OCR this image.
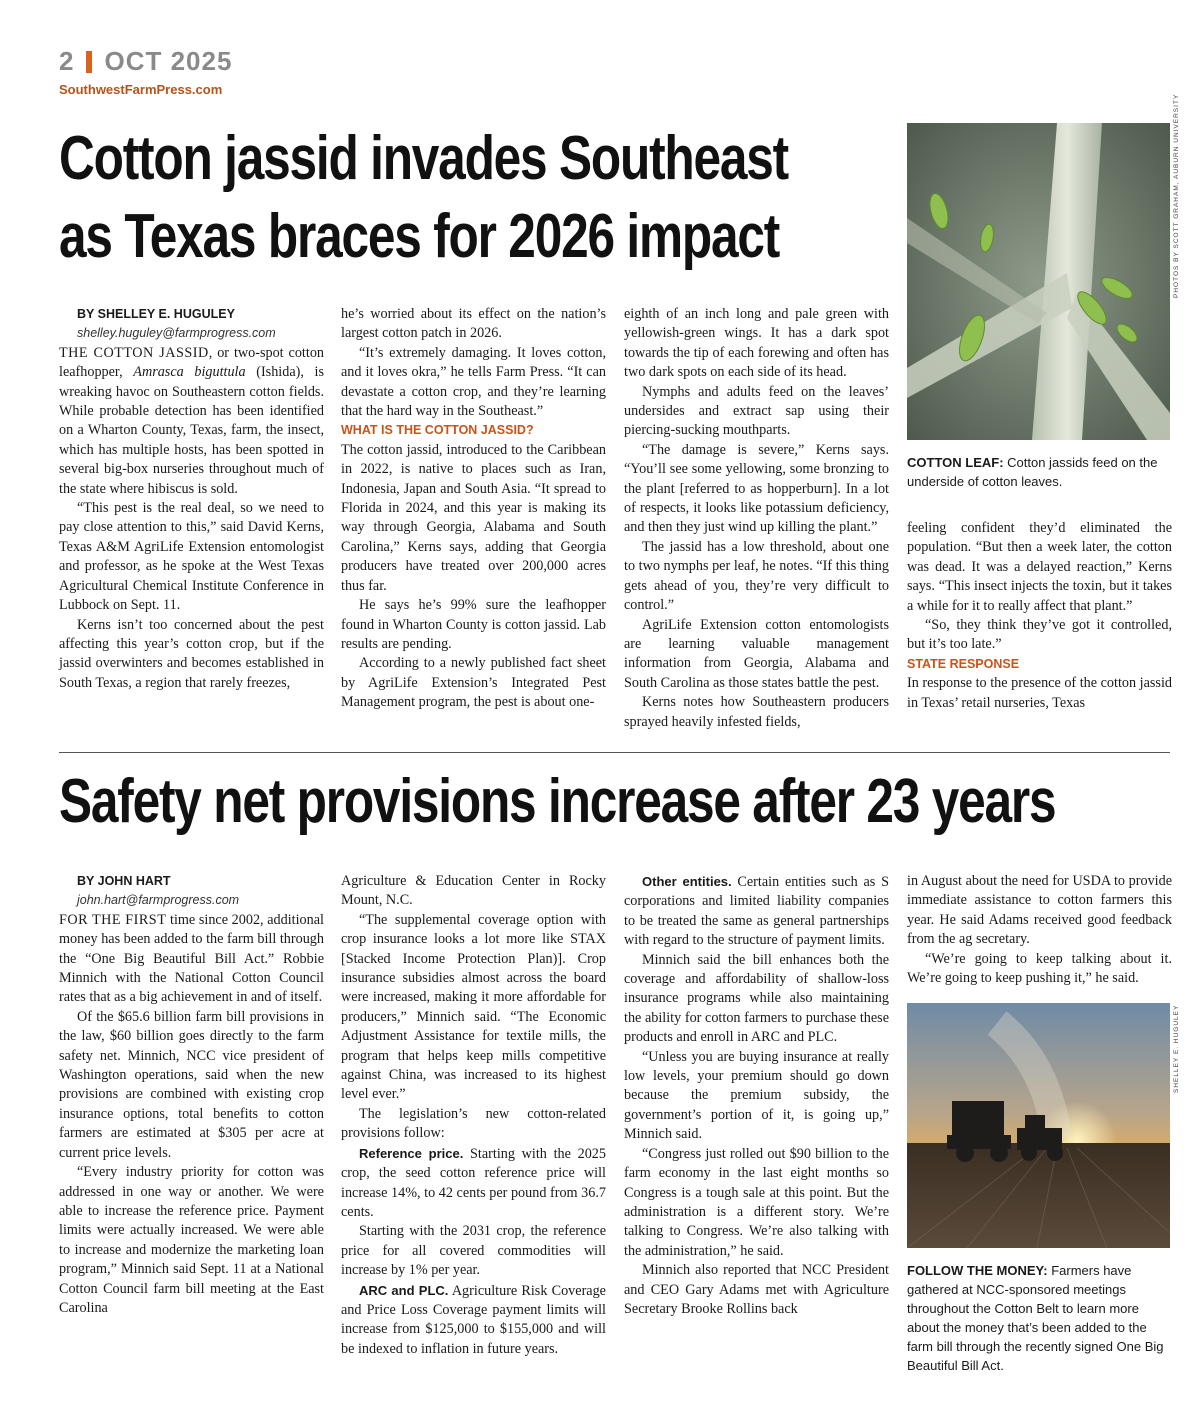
2 OCT 2025
SouthwestFarmPress.com
Cotton jassid invades Southeast
as Texas braces for 2026 impact	PHOTOS BY SCOTT GRAHAM, AUBURN UNIVERSITY
COTTON LEAF: Cotton jassids feed on the underside of cotton leaves.

BY SHELLEY E. HUGULEY

shelley.huguley@farmprogress.com

THE COTTON JASSID, or two-spot cotton leafhopper, Amrasca biguttula (Ishida), is wreaking havoc on Southeastern cotton fields. While probable detection has been identified on a Wharton County, Texas, farm, the insect, which has multiple hosts, has been spotted in several big-box nurseries throughout much of the state where hibiscus is sold.

“This pest is the real deal, so we need to pay close attention to this,” said David Kerns, Texas A&M AgriLife Extension entomologist and professor, as he spoke at the West Texas Agricultural Chemical Institute Conference in Lubbock on Sept. 11.

Kerns isn’t too concerned about the pest affecting this year’s cotton crop, but if the jassid overwinters and becomes established in South Texas, a region that rarely freezes,

he’s worried about its effect on the nation’s largest cotton patch in 2026.

“It’s extremely damaging. It loves cotton, and it loves okra,” he tells Farm Press. “It can devastate a cotton crop, and they’re learning that the hard way in the Southeast.”

WHAT IS THE COTTON JASSID?

The cotton jassid, introduced to the Caribbean in 2022, is native to places such as Iran, Indonesia, Japan and South Asia. “It spread to Florida in 2024, and this year is making its way through Georgia, Alabama and South Carolina,” Kerns says, adding that Georgia producers have treated over 200,000 acres thus far.

He says he’s 99% sure the leafhopper found in Wharton County is cotton jassid. Lab results are pending.

According to a newly published fact sheet by AgriLife Extension’s Integrated Pest Management program, the pest is about one-

eighth of an inch long and pale green with yellowish-green wings. It has a dark spot towards the tip of each forewing and often has two dark spots on each side of its head.

Nymphs and adults feed on the leaves’ undersides and extract sap using their piercing-sucking mouthparts.

“The damage is severe,” Kerns says. “You’ll see some yellowing, some bronzing to the plant [referred to as hopperburn]. In a lot of respects, it looks like potassium deficiency, and then they just wind up killing the plant.”

The jassid has a low threshold, about one to two nymphs per leaf, he notes. “If this thing gets ahead of you, they’re very difficult to control.”

AgriLife Extension cotton entomologists are learning valuable management information from Georgia, Alabama and South Carolina as those states battle the pest.

Kerns notes how Southeastern producers sprayed heavily infested fields,

feeling confident they’d eliminated the population. “But then a week later, the cotton was dead. It was a delayed reaction,” Kerns says. “This insect injects the toxin, but it takes a while for it to really affect that plant.”

“So, they think they’ve got it controlled, but it’s too late.”

STATE RESPONSE

In response to the presence of the cotton jassid in Texas’ retail nurseries, Texas

Safety net provisions increase after 23 years

BY JOHN HART

john.hart@farmprogress.com

FOR THE FIRST time since 2002, additional money has been added to the farm bill through the “One Big Beautiful Bill Act.” Robbie Minnich with the National Cotton Council rates that as a big achievement in and of itself.

Of the $65.6 billion farm bill provisions in the law, $60 billion goes directly to the farm safety net. Minnich, NCC vice president of Washington operations, said when the new provisions are combined with existing crop insurance options, total benefits to cotton farmers are estimated at $305 per acre at current price levels.

“Every industry priority for cotton was addressed in one way or another. We were able to increase the reference price. Payment limits were actually increased. We were able to increase and modernize the marketing loan program,” Minnich said Sept. 11 at a National Cotton Council farm bill meeting at the East Carolina

Agriculture & Education Center in Rocky Mount, N.C.

“The supplemental coverage option with crop insurance looks a lot more like STAX [Stacked Income Protection Plan)]. Crop insurance subsidies almost across the board were increased, making it more affordable for producers,” Minnich said. “The Economic Adjustment Assistance for textile mills, the program that helps keep mills competitive against China, was increased to its highest level ever.”

The legislation’s new cotton-related provisions follow:

Reference price. Starting with the 2025 crop, the seed cotton reference price will increase 14%, to 42 cents per pound from 36.7 cents.

Starting with the 2031 crop, the reference price for all covered commodities will increase by 1% per year.

ARC and PLC. Agriculture Risk Coverage and Price Loss Coverage payment limits will increase from $125,000 to $155,000 and will be indexed to inflation in future years.

Other entities. Certain entities such as S corporations and limited liability companies to be treated the same as general partnerships with regard to the structure of payment limits.

Minnich said the bill enhances both the coverage and affordability of shallow-loss insurance programs while also maintaining the ability for cotton farmers to purchase these products and enroll in ARC and PLC.

“Unless you are buying insurance at really low levels, your premium should go down because the premium subsidy, the government’s portion of it, is going up,” Minnich said.

“Congress just rolled out $90 billion to the farm economy in the last eight months so Congress is a tough sale at this point. But the administration is a different story. We’re talking to Congress. We’re also talking with the administration,” he said.

Minnich also reported that NCC President and CEO Gary Adams met with Agriculture Secretary Brooke Rollins back

in August about the need for USDA to provide immediate assistance to cotton farmers this year. He said Adams received good feedback from the ag secretary.

“We’re going to keep talking about it. We’re going to keep pushing it,” he said.

SHELLEY E. HUGULEY
FOLLOW THE MONEY: Farmers have gathered at NCC-sponsored meetings throughout the Cotton Belt to learn more about the money that’s been added to the farm bill through the recently signed One Big Beautiful Bill Act.
